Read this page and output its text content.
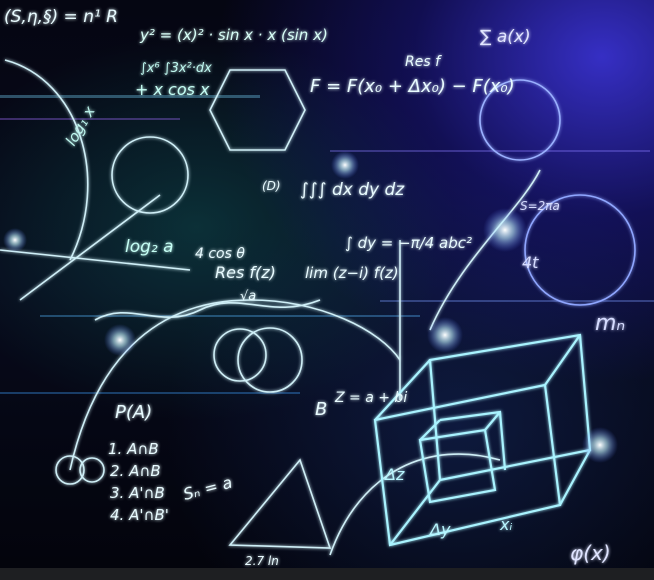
(S,η,§) = n¹ R
y² = (x)² · sin x · x (sin x)
∫x⁶ ∫3x²·dx
+ x cos x	F = F(x₀ + Δx₀) − F(x₀)
Res f
∑ a(x)
log₁ x
∫∫∫ dx dy dz
∫ dy = −π/4 abc²
log₂ a 4 cos θ
Res f(z) lim (z−i) f(z)
1. A∩B
2. A∩B
3. A'∩B
4. A'∩B'
Sₙ = a
P(A)
Z = a + bi
Δz
Δy	xᵢ
S=2πa
B
mₙ
φ(x)
2.7 ln
√a
(D)
4t
